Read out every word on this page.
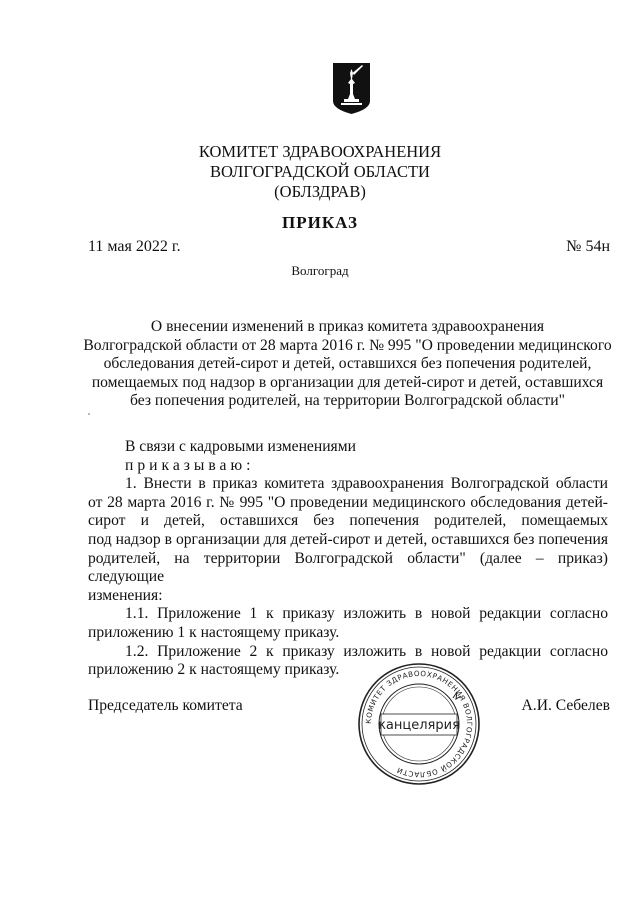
КОМИТЕТ ЗДРАВООХРАНЕНИЯ
ВОЛГОГРАДСКОЙ ОБЛАСТИ
(ОБЛЗДРАВ)
ПРИКАЗ
11 мая 2022 г.	№ 54н
Волгоград
О внесении изменений в приказ комитета здравоохранения
Волгоградской области от 28 марта 2016 г. № 995 "О проведении медицинского
обследования детей-сирот и детей, оставшихся без попечения родителей,
помещаемых под надзор в организации для детей-сирот и детей, оставшихся
без попечения родителей, на территории Волгоградской области"
В связи с кадровыми изменениями
приказываю:
1. Внести в приказ комитета здравоохранения Волгоградской области
от 28 марта 2016 г. № 995 "О проведении медицинского обследования детей-
сирот и детей, оставшихся без попечения родителей, помещаемых
под надзор в организации для детей-сирот и детей, оставшихся без попечения
родителей, на территории Волгоградской области" (далее – приказ) следующие
изменения:
1.1. Приложение 1 к приказу изложить в новой редакции согласно
приложению 1 к настоящему приказу.
1.2. Приложение 2 к приказу изложить в новой редакции согласно
приложению 2 к настоящему приказу.
Председатель комитета	А.И. Себелев
КОМИТЕТ ЗДРАВООХРАНЕНИЯ ВОЛГОГРАДСКОЙ ОБЛАСТИ
канцелярия
